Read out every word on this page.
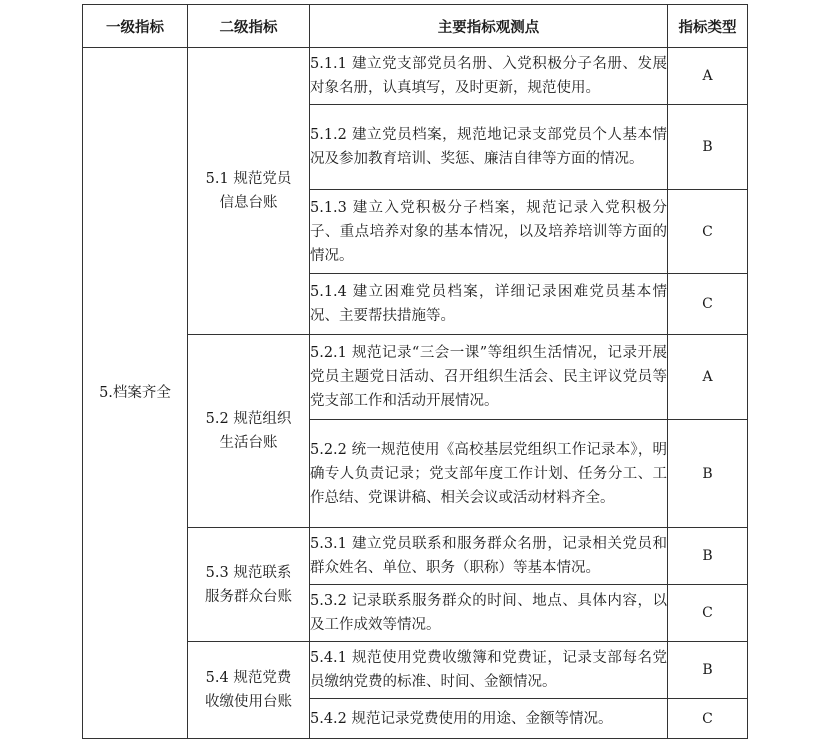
一级指标	二级指标	主要指标观测点	指标类型
5.档案齐全	5.1 规范党员信息台账	5.1.1 建立党支部党员名册、入党积极分子名册、发展对象名册，认真填写，及时更新，规范使用。	A
		5.1.2 建立党员档案，规范地记录支部党员个人基本情况及参加教育培训、奖惩、廉洁自律等方面的情况。	B
		5.1.3 建立入党积极分子档案，规范记录入党积极分子、重点培养对象的基本情况，以及培养培训等方面的情况。	C
		5.1.4 建立困难党员档案，详细记录困难党员基本情况、主要帮扶措施等。	C

	5.2 规范组织生活台账	5.2.1 规范记录“三会一课”等组织生活情况，记录开展党员主题党日活动、召开组织生活会、民主评议党员等党支部工作和活动开展情况。	A
		5.2.2 统一规范使用《高校基层党组织工作记录本》，明确专人负责记录；党支部年度工作计划、任务分工、工作总结、党课讲稿、相关会议或活动材料齐全。	B

	5.3 规范联系服务群众台账	5.3.1 建立党员联系和服务群众名册，记录相关党员和群众姓名、单位、职务（职称）等基本情况。	B
		5.3.2 记录联系服务群众的时间、地点、具体内容，以及工作成效等情况。	C

	5.4 规范党费收缴使用台账	5.4.1 规范使用党费收缴簿和党费证，记录支部每名党员缴纳党费的标准、时间、金额情况。	B
		5.4.2 规范记录党费使用的用途、金额等情况。	C
